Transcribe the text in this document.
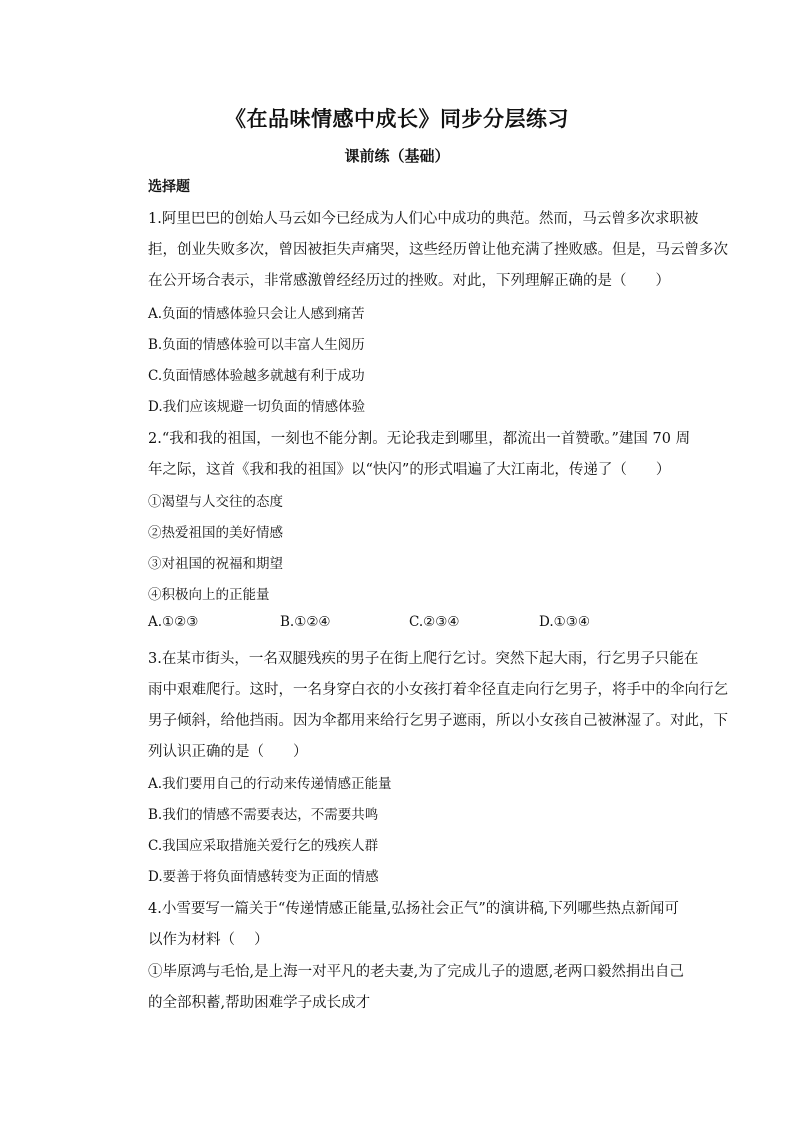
《在品味情感中成长》同步分层练习
课前练（基础）
选择题
1.阿里巴巴的创始人马云如今已经成为人们心中成功的典范。然而，马云曾多次求职被
拒，创业失败多次，曾因被拒失声痛哭，这些经历曾让他充满了挫败感。但是，马云曾多次
在公开场合表示，非常感激曾经经历过的挫败。对此，下列理解正确的是（　　）
A.负面的情感体验只会让人感到痛苦
B.负面的情感体验可以丰富人生阅历
C.负面情感体验越多就越有利于成功
D.我们应该规避一切负面的情感体验
2.“我和我的祖国，一刻也不能分割。无论我走到哪里，都流出一首赞歌。”建国 70 周
年之际，这首《我和我的祖国》以“快闪”的形式唱遍了大江南北，传递了（　　）
①渴望与人交往的态度
②热爱祖国的美好情感
③对祖国的祝福和期望
④积极向上的正能量
A.①②③	B.①②④	C.②③④	D.①③④
3.在某市街头，一名双腿残疾的男子在街上爬行乞讨。突然下起大雨，行乞男子只能在
雨中艰难爬行。这时，一名身穿白衣的小女孩打着伞径直走向行乞男子，将手中的伞向行乞
男子倾斜，给他挡雨。因为伞都用来给行乞男子遮雨，所以小女孩自己被淋湿了。对此，下
列认识正确的是（　　）
A.我们要用自己的行动来传递情感正能量
B.我们的情感不需要表达，不需要共鸣
C.我国应采取措施关爱行乞的残疾人群
D.要善于将负面情感转变为正面的情感
4.小雪要写一篇关于“传递情感正能量,弘扬社会正气”的演讲稿,下列哪些热点新闻可
以作为材料（　 ）
①毕原鸿与毛怡,是上海一对平凡的老夫妻,为了完成儿子的遗愿,老两口毅然捐出自己
的全部积蓄,帮助困难学子成长成才
